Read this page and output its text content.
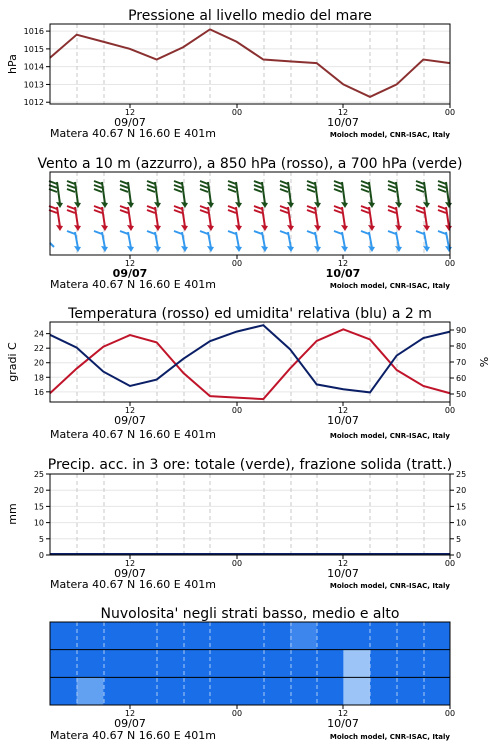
Pressione al livello medio del mare
hPa
1012
1013
1014
1015
1016
12	00	12	00
09/07	10/07
Matera 40.67 N 16.60 E 401m	Moloch model, CNR-ISAC, Italy
Vento a 10 m (azzurro), a 850 hPa (rosso), a 700 hPa (verde)
12	00	12	00
09/07	10/07
Matera 40.67 N 16.60 E 401m	Moloch model, CNR-ISAC, Italy
Temperatura (rosso) ed umidita' relativa (blu) a 2 m
gradi C	%
16
18
20
22
24
50
60
70
80
90
12	00	12	00
09/07	10/07
Matera 40.67 N 16.60 E 401m	Moloch model, CNR-ISAC, Italy
Precip. acc. in 3 ore: totale (verde), frazione solida (tratt.)
mm
0
5
10
15
20
25
0
5
10
15
20
25
12	00	12	00
09/07	10/07
Matera 40.67 N 16.60 E 401m	Moloch model, CNR-ISAC, Italy
Nuvolosita' negli strati basso, medio e alto
12	00	12	00
09/07	10/07
Matera 40.67 N 16.60 E 401m	Moloch model, CNR-ISAC, Italy
